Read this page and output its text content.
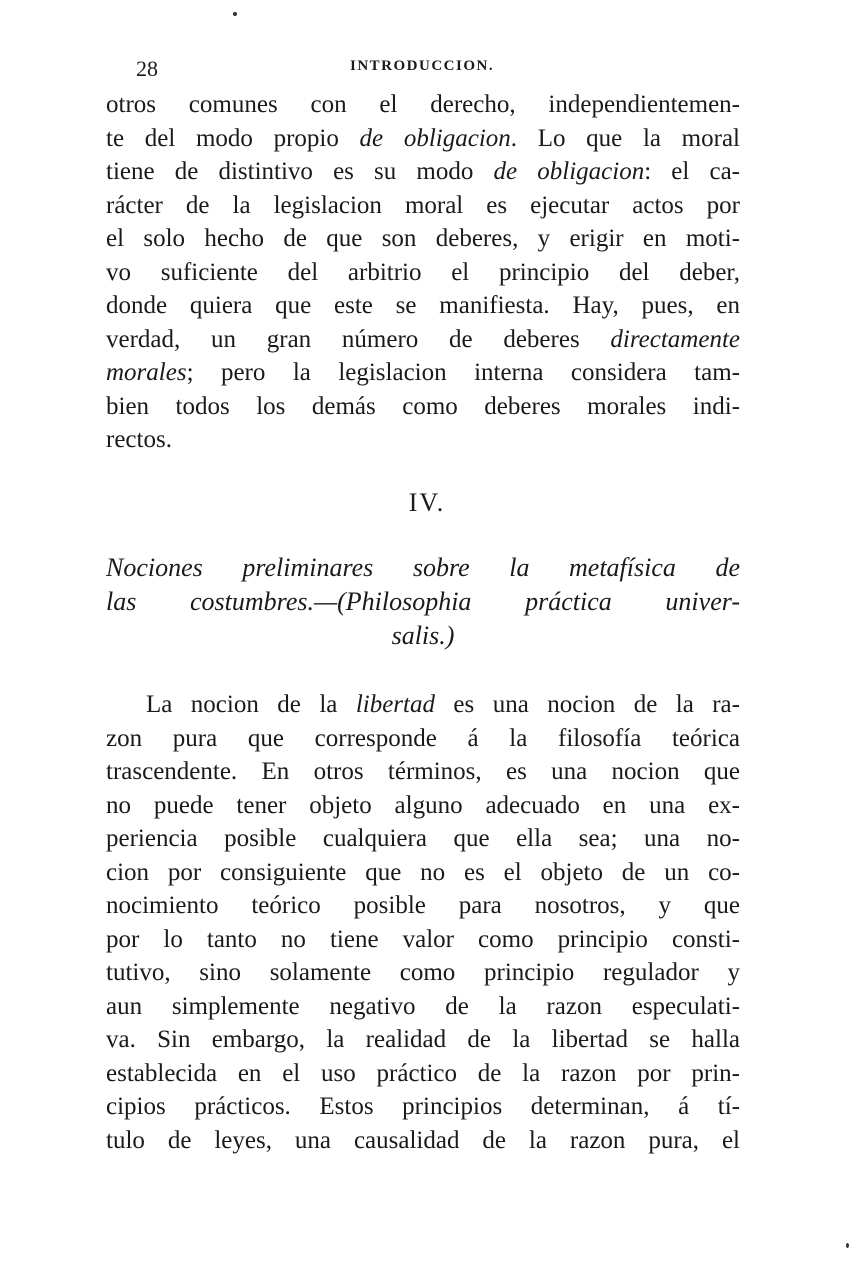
28	INTRODUCCION.
otros comunes con el derecho, independientemen-
te del modo propio de obligacion. Lo que la moral
tiene de distintivo es su modo de obligacion: el ca-
rácter de la legislacion moral es ejecutar actos por
el solo hecho de que son deberes, y erigir en moti-
vo suficiente del arbitrio el principio del deber,
donde quiera que este se manifiesta. Hay, pues, en
verdad, un gran número de deberes directamente
morales; pero la legislacion interna considera tam-
bien todos los demás como deberes morales indi-
rectos.
IV.
Nociones preliminares sobre la metafísica de
las costumbres.—(Philosophia práctica univer-
salis.)
La nocion de la libertad es una nocion de la ra-
zon pura que corresponde á la filosofía teórica
trascendente. En otros términos, es una nocion que
no puede tener objeto alguno adecuado en una ex-
periencia posible cualquiera que ella sea; una no-
cion por consiguiente que no es el objeto de un co-
nocimiento teórico posible para nosotros, y que
por lo tanto no tiene valor como principio consti-
tutivo, sino solamente como principio regulador y
aun simplemente negativo de la razon especulati-
va. Sin embargo, la realidad de la libertad se halla
establecida en el uso práctico de la razon por prin-
cipios prácticos. Estos principios determinan, á tí-
tulo de leyes, una causalidad de la razon pura, el
